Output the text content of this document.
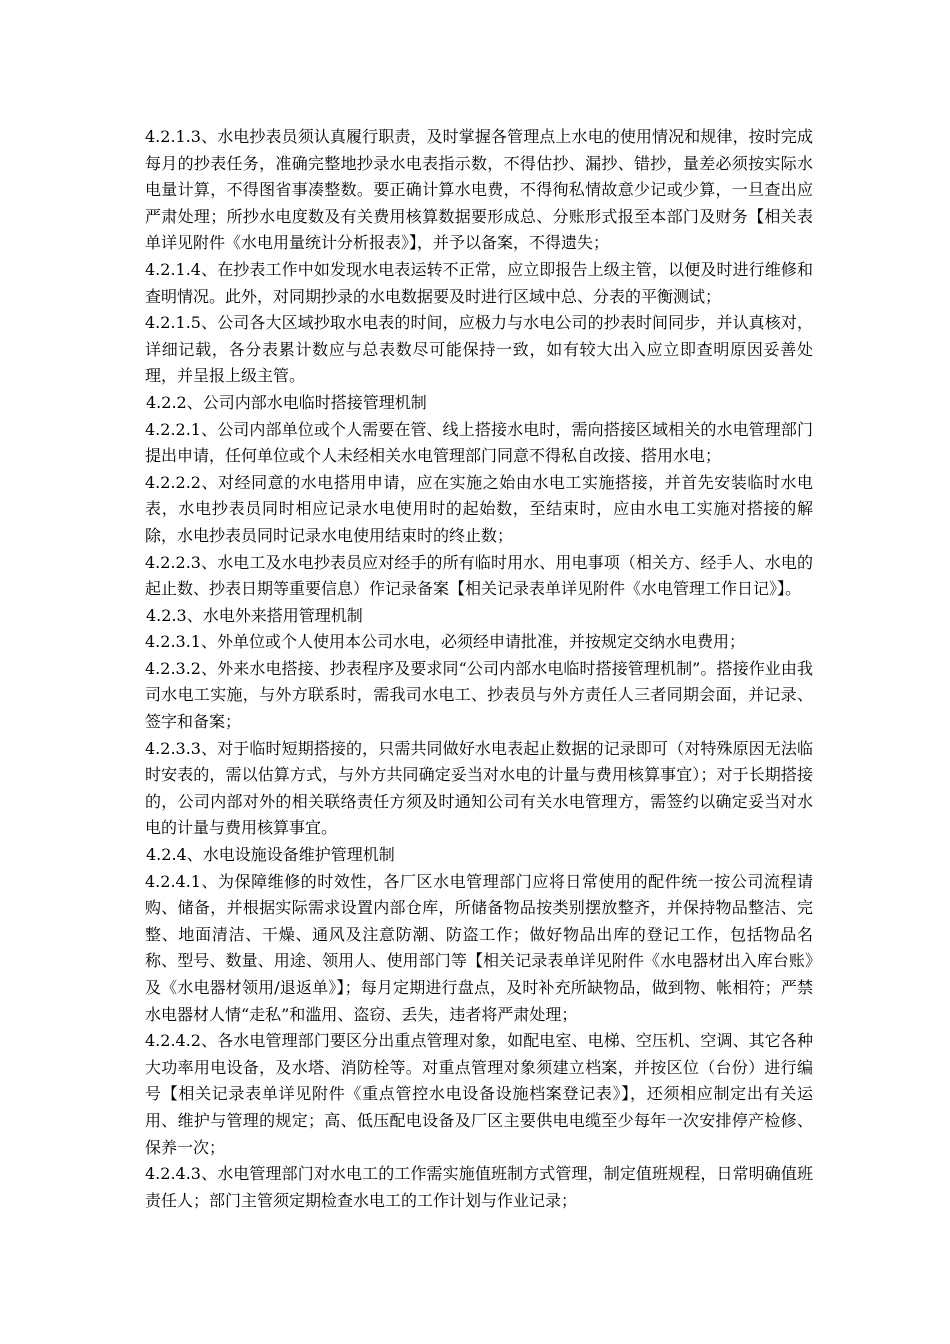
4.2.1.3、水电抄表员须认真履行职责，及时掌握各管理点上水电的使用情况和规律，按时完成每月的抄表任务，准确完整地抄录水电表指示数，不得估抄、漏抄、错抄，量差必须按实际水电量计算，不得图省事凑整数。要正确计算水电费，不得徇私情故意少记或少算，一旦查出应严肃处理；所抄水电度数及有关费用核算数据要形成总、分账形式报至本部门及财务【相关表单详见附件《水电用量统计分析报表》】，并予以备案，不得遗失；

4.2.1.4、在抄表工作中如发现水电表运转不正常，应立即报告上级主管，以便及时进行维修和查明情况。此外，对同期抄录的水电数据要及时进行区域中总、分表的平衡测试；

4.2.1.5、公司各大区域抄取水电表的时间，应极力与水电公司的抄表时间同步，并认真核对，详细记载，各分表累计数应与总表数尽可能保持一致，如有较大出入应立即查明原因妥善处理，并呈报上级主管。

4.2.2、公司内部水电临时搭接管理机制

4.2.2.1、公司内部单位或个人需要在管、线上搭接水电时，需向搭接区域相关的水电管理部门提出申请，任何单位或个人未经相关水电管理部门同意不得私自改接、搭用水电；

4.2.2.2、对经同意的水电搭用申请，应在实施之始由水电工实施搭接，并首先安装临时水电表，水电抄表员同时相应记录水电使用时的起始数，至结束时，应由水电工实施对搭接的解除，水电抄表员同时记录水电使用结束时的终止数；

4.2.2.3、水电工及水电抄表员应对经手的所有临时用水、用电事项（相关方、经手人、水电的起止数、抄表日期等重要信息）作记录备案【相关记录表单详见附件《水电管理工作日记》】。

4.2.3、水电外来搭用管理机制

4.2.3.1、外单位或个人使用本公司水电，必须经申请批准，并按规定交纳水电费用；

4.2.3.2、外来水电搭接、抄表程序及要求同“公司内部水电临时搭接管理机制”。搭接作业由我司水电工实施，与外方联系时，需我司水电工、抄表员与外方责任人三者同期会面，并记录、签字和备案；

4.2.3.3、对于临时短期搭接的，只需共同做好水电表起止数据的记录即可（对特殊原因无法临时安表的，需以估算方式，与外方共同确定妥当对水电的计量与费用核算事宜）；对于长期搭接的，公司内部对外的相关联络责任方须及时通知公司有关水电管理方，需签约以确定妥当对水电的计量与费用核算事宜。

4.2.4、水电设施设备维护管理机制

4.2.4.1、为保障维修的时效性，各厂区水电管理部门应将日常使用的配件统一按公司流程请购、储备，并根据实际需求设置内部仓库，所储备物品按类别摆放整齐，并保持物品整洁、完整、地面清洁、干燥、通风及注意防潮、防盗工作；做好物品出库的登记工作，包括物品名称、型号、数量、用途、领用人、使用部门等【相关记录表单详见附件《水电器材出入库台账》及《水电器材领用/退返单》】；每月定期进行盘点，及时补充所缺物品，做到物、帐相符；严禁水电器材人情“走私”和滥用、盗窃、丢失，违者将严肃处理；

4.2.4.2、各水电管理部门要区分出重点管理对象，如配电室、电梯、空压机、空调、其它各种大功率用电设备，及水塔、消防栓等。对重点管理对象须建立档案，并按区位（台份）进行编号【相关记录表单详见附件《重点管控水电设备设施档案登记表》】，还须相应制定出有关运用、维护与管理的规定；高、低压配电设备及厂区主要供电电缆至少每年一次安排停产检修、保养一次；

4.2.4.3、水电管理部门对水电工的工作需实施值班制方式管理，制定值班规程，日常明确值班责任人；部门主管须定期检查水电工的工作计划与作业记录；
